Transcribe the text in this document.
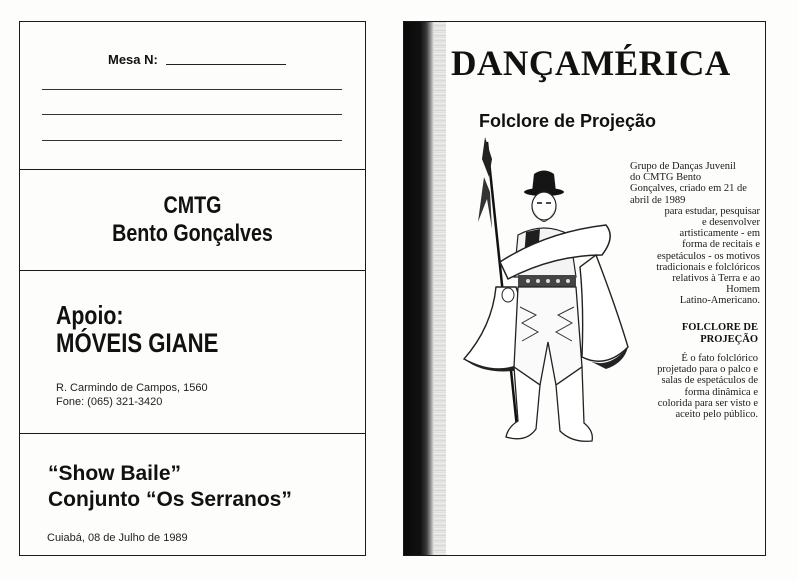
Mesa N:
CMTG
Bento Gonçalves
Apoio:
MÓVEIS GIANE
R. Carmindo de Campos, 1560
Fone: (065) 321-3420
“Show Baile”
Conjunto “Os Serranos”
Cuiabá, 08 de Julho de 1989
DANÇAMÉRICA
Folclore de Projeção
Grupo de Danças Juvenil
do CMTG Bento
Gonçalves, criado em 21 de
abril de 1989
para estudar, pesquisar
e desenvolver
artisticamente - em
forma de recitais e
espetáculos - os motivos
tradicionais e folclóricos
relativos à Terra e ao
Homem
Latino-Americano.
FOLCLORE DE
PROJEÇÃO
É o fato folclórico
projetado para o palco e
salas de espetáculos de
forma dinâmica e
colorida para ser visto e
aceito pelo público.
